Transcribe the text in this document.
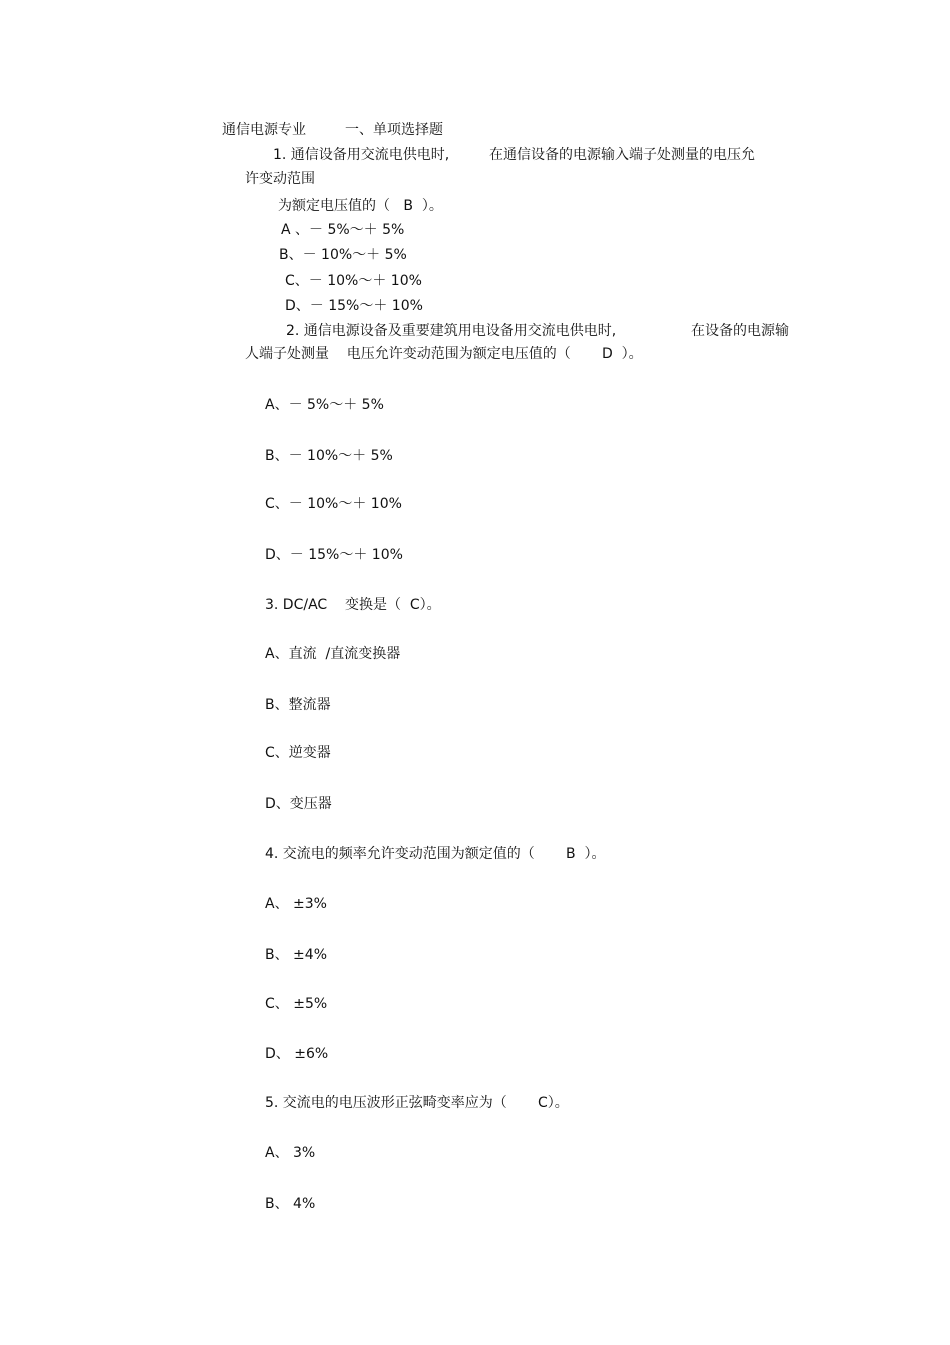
通信电源专业	一、单项选择题
1. 通信设备用交流电供电时,	在通信设备的电源输入端子处测量的电压允
许变动范围
为额定电压值的（   B  ）。
A 、－ 5%～＋ 5%
B、－ 10%～＋ 5%
C、－ 10%～＋ 10%
D、－ 15%～＋ 10%
2. 通信电源设备及重要建筑用电设备用交流电供电时,	在设备的电源输
人端子处测量    电压允许变动范围为额定电压值的（       D  ）。
A、－ 5%～＋ 5%
B、－ 10%～＋ 5%
C、－ 10%～＋ 10%
D、－ 15%～＋ 10%
3. DC/AC    变换是（  C）。
A、直流  /直流变换器
B、整流器
C、逆变器
D、变压器
4. 交流电的频率允许变动范围为额定值的（       B  ）。
A、 ±3%
B、 ±4%
C、 ±5%
D、 ±6%
5. 交流电的电压波形正弦畸变率应为（       C）。
A、 3%
B、 4%
